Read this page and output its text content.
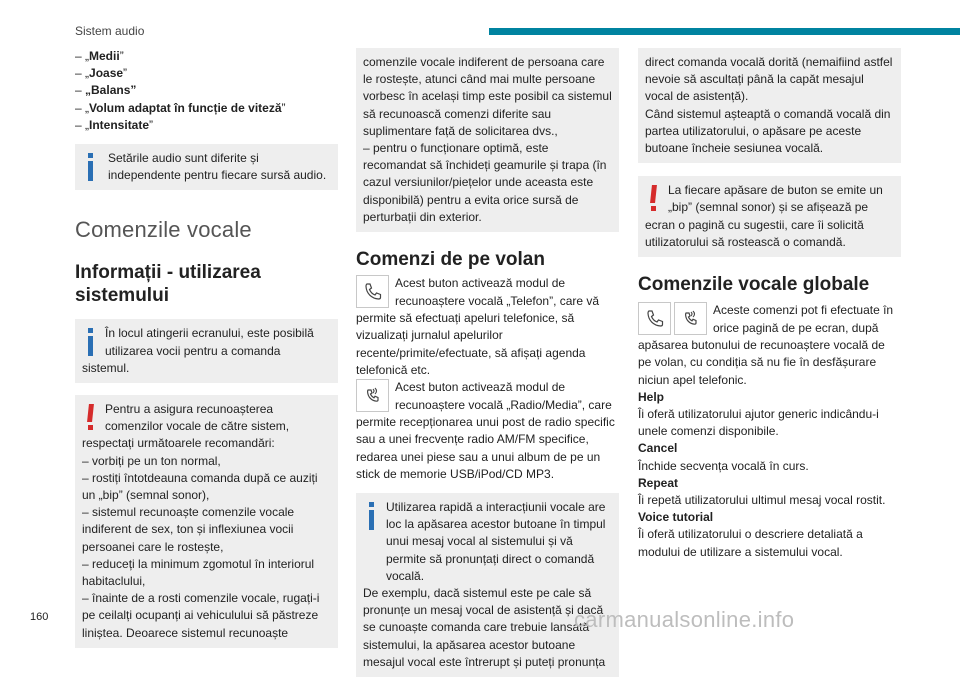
Sistem audio

– „Medii”

– „Joase”

– „Balans”

– „Volum adaptat în funcție de viteză”

– „Intensitate”

Setările audio sunt diferite și independente pentru fiecare sursă audio.

Comenzile vocale
Informații - utilizarea sistemului

În locul atingerii ecranului, este posibilă
utilizarea vocii pentru a comanda sistemul.

Pentru a asigura recunoașterea

comenzilor vocale de către sistem,

respectați următoarele recomandări:

– vorbiți pe un ton normal,

– rostiți întotdeauna comanda după ce auziți un „bip” (semnal sonor),

– sistemul recunoaște comenzile vocale indiferent de sex, ton și inflexiunea vocii persoanei care le rostește,

– reduceți la minimum zgomotul în interiorul habitaclului,

– înainte de a rosti comenzile vocale, rugați-i pe ceilalți ocupanți ai vehiculului să păstreze liniștea. Deoarece sistemul recunoaște

comenzile vocale indiferent de persoana care le rostește, atunci când mai multe persoane vorbesc în același timp este posibil ca sistemul să recunoască comenzi diferite sau suplimentare față de solicitarea dvs.,

– pentru o funcționare optimă, este recomandat să închideți geamurile și trapa (în cazul versiunilor/piețelor unde aceasta este disponibilă) pentru a evita orice sursă de perturbații din exterior.

Comenzi de pe volan

Acest buton activează modul de

recunoaștere vocală „Telefon”, care vă permite să efectuați apeluri telefonice, să vizualizați jurnalul apelurilor recente/primite/efectuate, să afișați agenda telefonică etc.

Acest buton activează modul de

recunoaștere vocală „Radio/Media”, care permite recepționarea unui post de radio specific sau a unei frecvențe radio AM/FM specifice, redarea unei piese sau a unui album de pe un stick de memorie USB/iPod/CD MP3.

Utilizarea rapidă a interacțiunii vocale are

loc la apăsarea acestor butoane în timpul unui mesaj vocal al sistemului și vă permite să pronunțați direct o comandă vocală.

De exemplu, dacă sistemul este pe cale să pronunțe un mesaj vocal de asistență și dacă se cunoaște comanda care trebuie lansată sistemului, la apăsarea acestor butoane mesajul vocal este întrerupt și puteți pronunța

direct comanda vocală dorită (nemaifiind astfel nevoie să ascultați până la capăt mesajul vocal de asistență).

Când sistemul așteaptă o comandă vocală din partea utilizatorului, o apăsare pe aceste butoane încheie sesiunea vocală.

La fiecare apăsare de buton se emite un
„bip” (semnal sonor) și se afișează pe ecran o pagină cu sugestii, care îi solicită utilizatorului să rostească o comandă.

Comenzile vocale globale

Aceste comenzi pot fi efectuate în

orice pagină de pe ecran, după apăsarea butonului de recunoaștere vocală de pe volan, cu condiția să nu fie în desfășurare niciun apel telefonic.

Help

Îi oferă utilizatorului ajutor generic indicându-i unele comenzi disponibile.

Cancel

Închide secvența vocală în curs.

Repeat

Îi repetă utilizatorului ultimul mesaj vocal rostit.

Voice tutorial

Îi oferă utilizatorului o descriere detaliată a modului de utilizare a sistemului vocal.

160	carmanualsonline.info
